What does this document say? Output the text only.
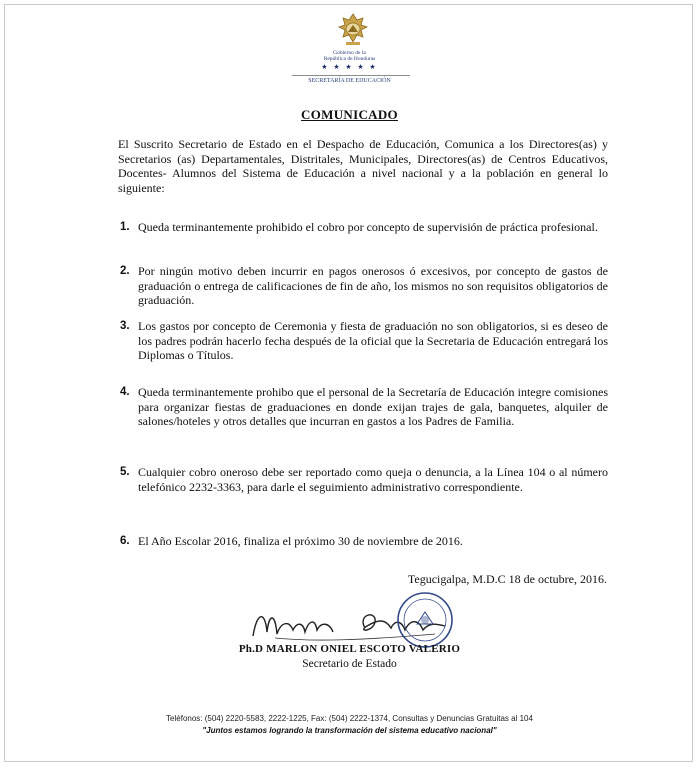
Gobierno de la
República de Honduras
★ ★ ★ ★ ★
SECRETARÍA DE EDUCACIÓN
COMUNICADO

El Suscrito Secretario de Estado en el Despacho de Educación, Comunica a los Directores(as) y Secretarios (as) Departamentales, Distritales, Municipales, Directores(as) de Centros Educativos, Docentes- Alumnos del Sistema de Educación a nivel nacional y a la población en general lo siguiente:

1. Queda terminantemente prohibido el cobro por concepto de supervisión de práctica profesional.
2. Por ningún motivo deben incurrir en pagos onerosos ó excesivos, por concepto de gastos de graduación o entrega de calificaciones de fin de año, los mismos no son requisitos obligatorios de graduación.
3. Los gastos por concepto de Ceremonia y fiesta de graduación no son obligatorios, si es deseo de los padres podrán hacerlo fecha después de la oficial que la Secretaria de Educación entregará los Diplomas o Títulos.
4. Queda terminantemente prohibo que el personal de la Secretaría de Educación integre comisiones para organizar fiestas de graduaciones en donde exijan trajes de gala, banquetes, alquiler de salones/hoteles y otros detalles que incurran en gastos a los Padres de Familia.
5. Cualquier cobro oneroso debe ser reportado como queja o denuncia, a la Línea 104 o al número telefónico 2232-3363, para darle el seguimiento administrativo correspondiente.
6. El Año Escolar 2016, finaliza el próximo 30 de noviembre de 2016.
Tegucigalpa, M.D.C 18 de octubre, 2016.
Ph.D MARLON ONIEL ESCOTO VALERIO
Secretario de Estado
Teléfonos: (504) 2220-5583, 2222-1225, Fax: (504) 2222-1374, Consultas y Denuncias Gratuitas al 104
"Juntos estamos logrando la transformación del sistema educativo nacional"
